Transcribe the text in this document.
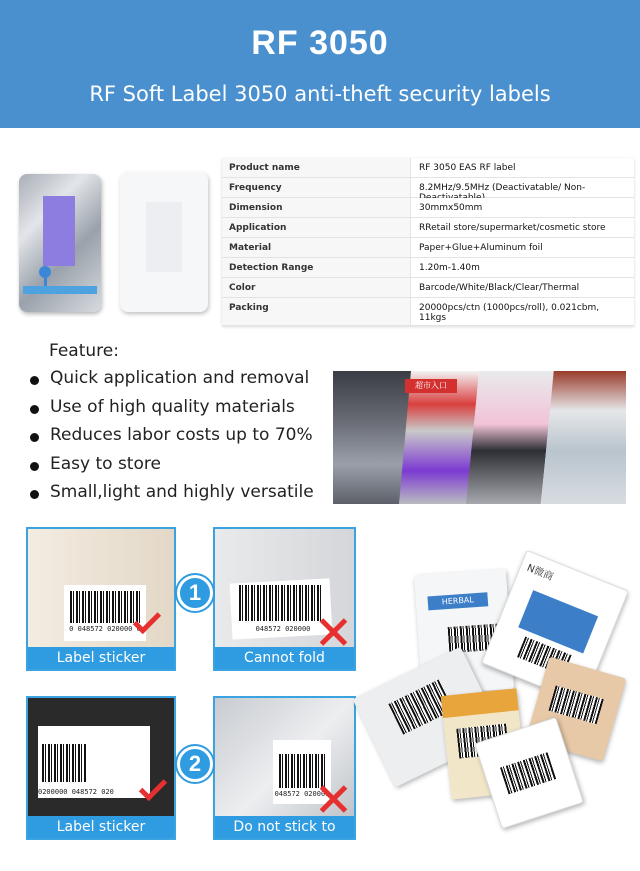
RF 3050
RF Soft Label 3050 anti-theft security labels
Product name	RF 3050 EAS RF label
Frequency	8.2MHz/9.5MHz (Deactivatable/ Non-
Dimension	30mmx50mm
Application	RRetail store/supermarket/cosmetic store
Material	Paper+Glue+Aluminum foil
Detection Range	1.20m-1.40m
Color	Barcode/White/Black/Clear/Thermal
Packing	20000pcs/ctn (1000pcs/roll), 0.021cbm, 11kgs
Feature:
Quick application and removal
Use of high quality materials
Reduces labor costs up to 70%
Easy to store
Small,light and highly versatile
超市入口
0 048572 020000 0
Label sticker
048572 020000
Cannot fold
1
0200000 048572 020
Label sticker
048572 020000
Do not stick to metal
2
HERBAL
N微商
